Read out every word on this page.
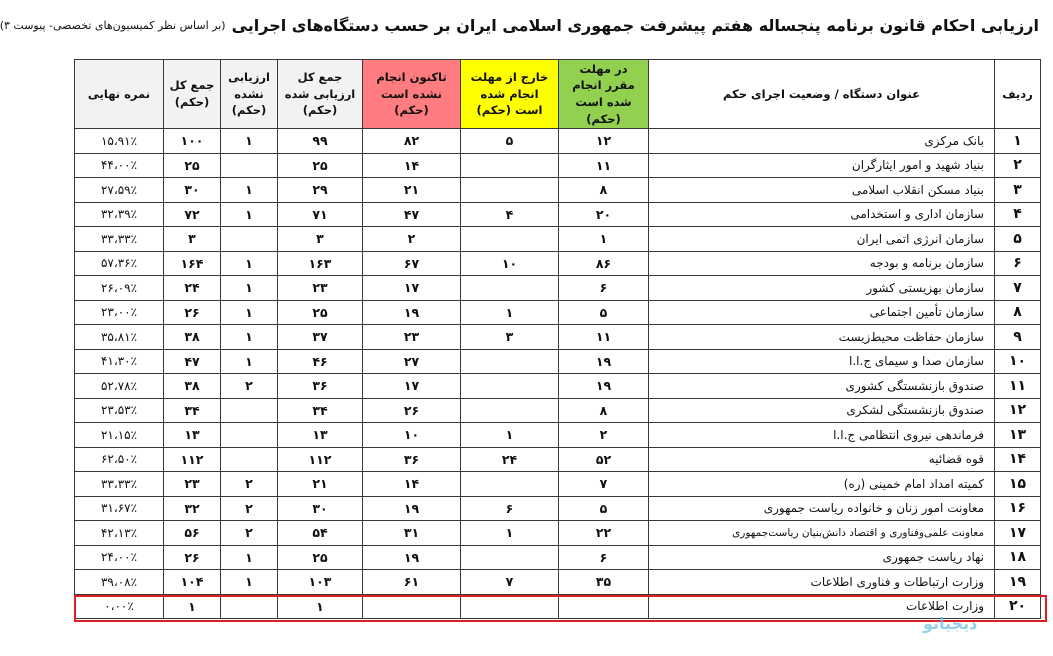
ارزیابی احکام قانون برنامه پنجساله هفتم پیشرفت جمهوری اسلامی ایران بر حسب دستگاه‌های اجرایی
(بر اساس نظر کمیسیون‌های تخصصی- پیوست ۳)
ردیف	عنوان دستگاه / وضعیت اجرای حکم	در مهلت مقرر انجام شده است (حکم)	خارج از مهلت انجام شده است (حکم)	تاکنون انجام نشده است (حکم)	جمع کل ارزیابی شده (حکم)	ارزیابی نشده (حکم)	جمع کل (حکم)	نمره نهایی
۱	بانک مرکزی	۱۲	۵	۸۲	۹۹	۱	۱۰۰	۱۵،۹۱٪
۲	بنیاد شهید و امور ایثارگران	۱۱		۱۴	۲۵		۲۵	۴۴،۰۰٪
۳	بنیاد مسکن انقلاب اسلامی	۸		۲۱	۲۹	۱	۳۰	۲۷،۵۹٪
۴	سازمان اداری و استخدامی	۲۰	۴	۴۷	۷۱	۱	۷۲	۳۲،۳۹٪
۵	سازمان انرژی اتمی ایران	۱		۲	۳		۳	۳۳،۳۳٪
۶	سازمان برنامه و بودجه	۸۶	۱۰	۶۷	۱۶۳	۱	۱۶۴	۵۷،۳۶٪
۷	سازمان بهزیستی کشور	۶		۱۷	۲۳	۱	۲۴	۲۶،۰۹٪
۸	سازمان تأمین اجتماعی	۵	۱	۱۹	۲۵	۱	۲۶	۲۳،۰۰٪
۹	سازمان حفاظت محیط‌زیست	۱۱	۳	۲۳	۳۷	۱	۳۸	۳۵،۸۱٪
۱۰	سازمان صدا و سیمای ج.ا.ا	۱۹		۲۷	۴۶	۱	۴۷	۴۱،۳۰٪
۱۱	صندوق بازنشستگی کشوری	۱۹		۱۷	۳۶	۲	۳۸	۵۲،۷۸٪
۱۲	صندوق بازنشستگی لشکری	۸		۲۶	۳۴		۳۴	۲۳،۵۳٪
۱۳	فرماندهی نیروی انتظامی ج.ا.ا	۲	۱	۱۰	۱۳		۱۳	۲۱،۱۵٪
۱۴	قوه قضائیه	۵۲	۲۴	۳۶	۱۱۲		۱۱۲	۶۲،۵۰٪
۱۵	کمیته امداد امام خمینی (ره)	۷		۱۴	۲۱	۲	۲۳	۳۳،۳۳٪
۱۶	معاونت امور زنان و خانواده ریاست جمهوری	۵	۶	۱۹	۳۰	۲	۳۲	۳۱،۶۷٪
۱۷	معاونت علمی‌وفناوری و اقتصاد دانش‌بنیان ریاست‌جمهوری	۲۲	۱	۳۱	۵۴	۲	۵۶	۴۲،۱۳٪
۱۸	نهاد ریاست جمهوری	۶		۱۹	۲۵	۱	۲۶	۲۴،۰۰٪
۱۹	وزارت ارتباطات و فناوری اطلاعات	۳۵	۷	۶۱	۱۰۳	۱	۱۰۴	۳۹،۰۸٪
۲۰	وزارت اطلاعات				۱		۱	۰،۰۰٪
دیجیاتو
